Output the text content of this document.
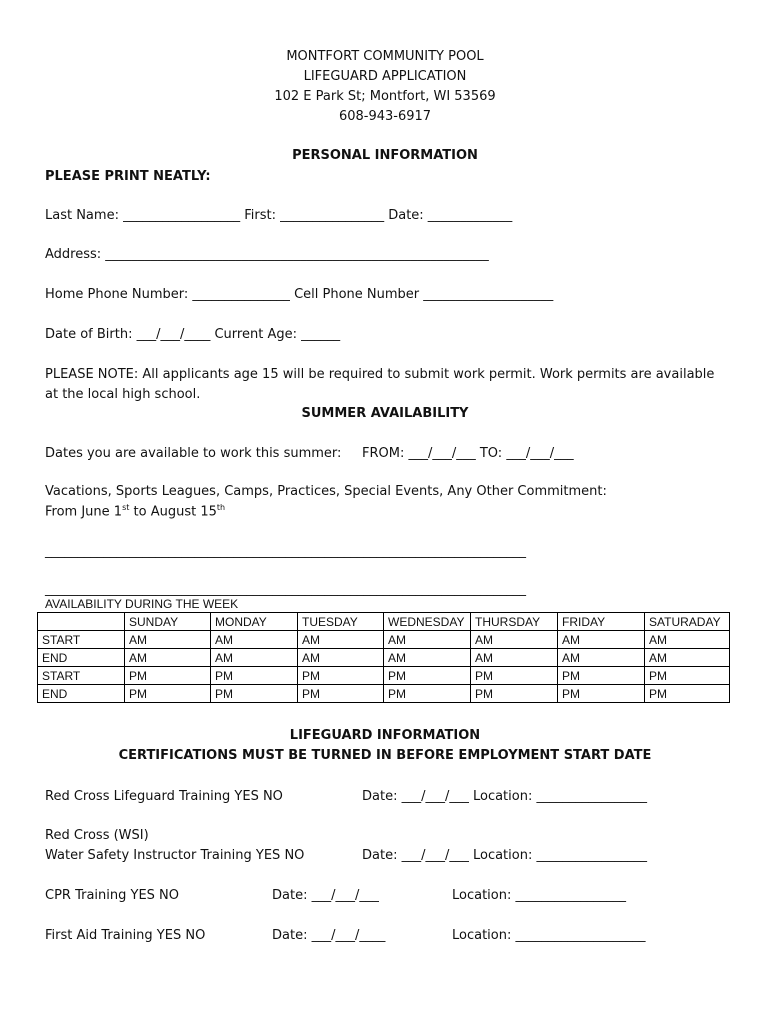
MONTFORT COMMUNITY POOL
LIFEGUARD APPLICATION
102 E Park St; Montfort, WI 53569
608-943-6917
PERSONAL INFORMATION
PLEASE PRINT NEATLY:
Last Name: __________________ First: ________________ Date: _____________
Address: ___________________________________________________________
Home Phone Number: _______________ Cell Phone Number ____________________
Date of Birth: ___/___/____ Current Age: ______
PLEASE NOTE: All applicants age 15 will be required to submit work permit. Work permits are available
at the local high school.
SUMMER AVAILABILITY
Dates you are available to work this summer: FROM: ___/___/___ TO: ___/___/___
Vacations, Sports Leagues, Camps, Practices, Special Events, Any Other Commitment:
From June 1st to August 15th
__________________________________________________________________________
__________________________________________________________________________
AVAILABILITY DURING THE WEEK
	SUNDAY	MONDAY	TUESDAY	WEDNESDAY	THURSDAY	FRIDAY	SATURADAY
START	AM	AM	AM	AM	AM	AM	AM
END	AM	AM	AM	AM	AM	AM	AM
START	PM	PM	PM	PM	PM	PM	PM
END	PM	PM	PM	PM	PM	PM	PM
LIFEGUARD INFORMATION
CERTIFICATIONS MUST BE TURNED IN BEFORE EMPLOYMENT START DATE
Red Cross Lifeguard Training YES NO	Date: ___/___/___ Location: _________________
Red Cross (WSI)
Water Safety Instructor Training YES NO	Date: ___/___/___ Location: _________________
CPR Training YES NO	Date: ___/___/___	Location: _________________
First Aid Training YES NO	Date: ___/___/____	Location: ____________________
